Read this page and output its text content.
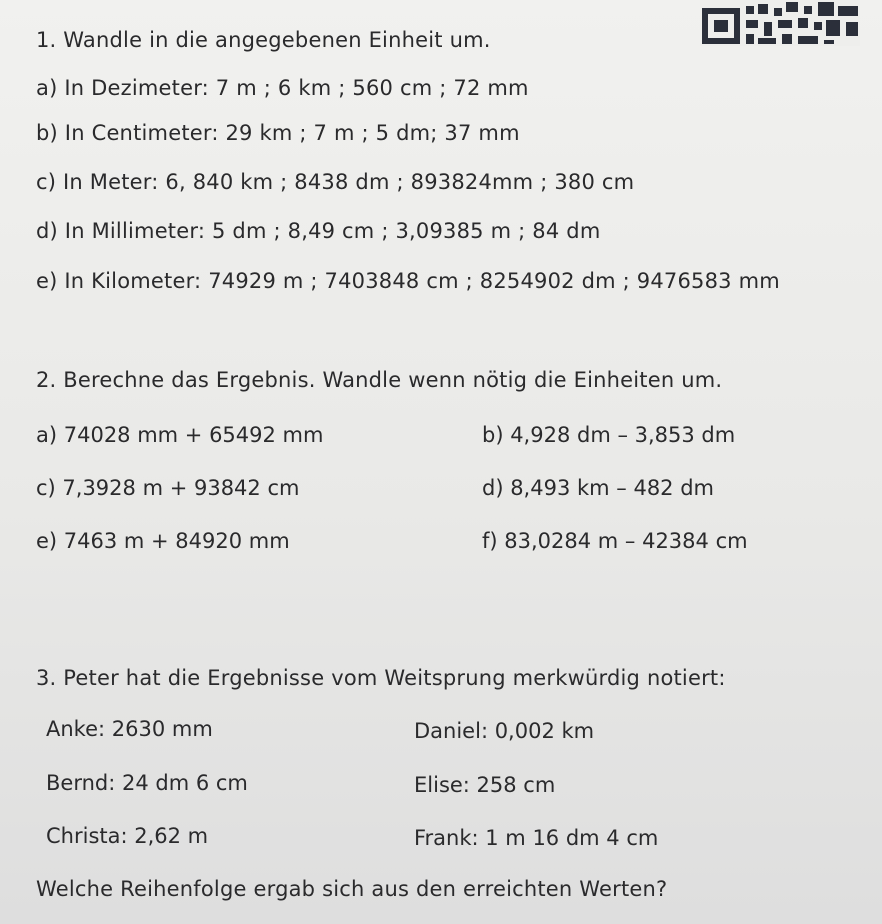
1. Wandle in die angegebenen Einheit um.
a) In Dezimeter: 7 m ; 6 km ; 560 cm ; 72 mm
b) In Centimeter: 29 km ; 7 m ; 5 dm; 37 mm
c) In Meter: 6, 840 km ; 8438 dm ; 893824mm ; 380 cm
d) In Millimeter: 5 dm ; 8,49 cm ; 3,09385 m ; 84 dm
e) In Kilometer: 74929 m ; 7403848 cm ; 8254902 dm ; 9476583 mm
2. Berechne das Ergebnis. Wandle wenn nötig die Einheiten um.
a) 74028 mm + 65492 mm	b) 4,928 dm – 3,853 dm
c) 7,3928 m + 93842 cm	d) 8,493 km – 482 dm
e) 7463 m + 84920 mm	f) 83,0284 m – 42384 cm
3. Peter hat die Ergebnisse vom Weitsprung merkwürdig notiert:
Anke: 2630 mm	Daniel: 0,002 km
Bernd: 24 dm 6 cm	Elise: 258 cm
Christa: 2,62 m	Frank: 1 m 16 dm 4 cm
Welche Reihenfolge ergab sich aus den erreichten Werten?
